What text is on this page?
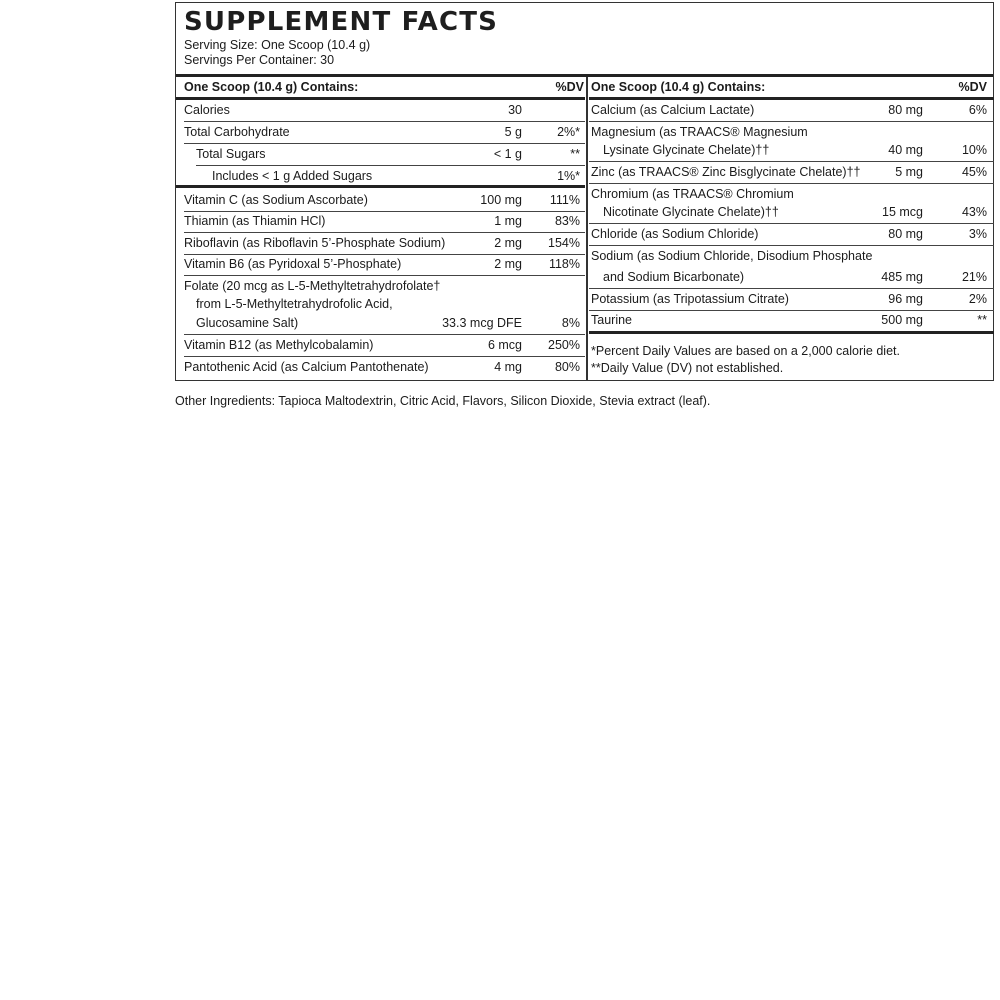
SUPPLEMENT FACTS
Serving Size: One Scoop (10.4 g)
Servings Per Container: 30
One Scoop (10.4 g) Contains:	%DV
Calories	30
Total Carbohydrate	5 g	2%*
Total Sugars	< 1 g	**
Includes < 1 g Added Sugars	1%*
Vitamin C (as Sodium Ascorbate)	100 mg 111%
Thiamin (as Thiamin HCl)	1 mg	83%
Riboflavin (as Riboflavin 5’-Phosphate Sodium)	2 mg 154%
Vitamin B6 (as Pyridoxal 5’-Phosphate)	2 mg 118%
Folate (20 mcg as L-5-Methyltetrahydrofolate†
from L-5-Methyltetrahydrofolic Acid,
Glucosamine Salt)	33.3 mcg DFE	8%
Vitamin B12 (as Methylcobalamin)	6 mcg 250%
Pantothenic Acid (as Calcium Pantothenate)	4 mg	80%
One Scoop (10.4 g) Contains:	%DV
Calcium (as Calcium Lactate)	80 mg	6%
Magnesium (as TRAACS® Magnesium
Lysinate Glycinate Chelate)††	40 mg	10%
Zinc (as TRAACS® Zinc Bisglycinate Chelate)††	5 mg	45%
Chromium (as TRAACS® Chromium
Nicotinate Glycinate Chelate)††	15 mcg	43%
Chloride (as Sodium Chloride)	80 mg	3%
Sodium (as Sodium Chloride, Disodium Phosphate
and Sodium Bicarbonate)	485 mg	21%
Potassium (as Tripotassium Citrate)	96 mg	2%
Taurine	500 mg	**
*Percent Daily Values are based on a 2,000 calorie diet.
**Daily Value (DV) not established.
Other Ingredients: Tapioca Maltodextrin, Citric Acid, Flavors, Silicon Dioxide, Stevia extract (leaf).
